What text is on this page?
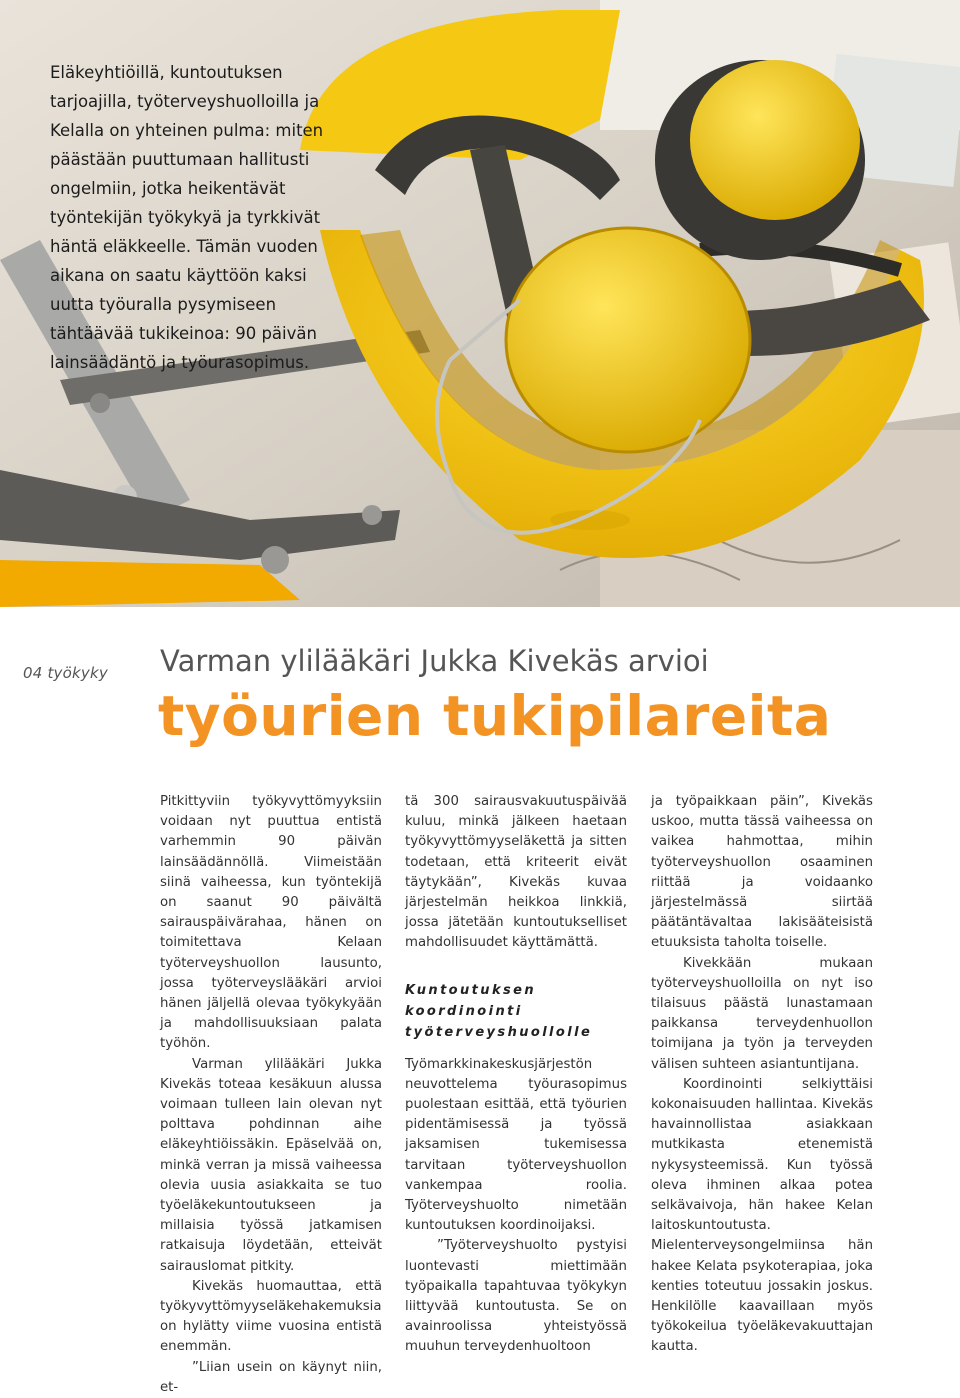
Eläkeyhtiöillä, kuntoutuksen tarjoajilla, työterveyshuolloilla ja Kelalla on yhteinen pulma: miten päästään puuttumaan hallitusti ongelmiin, jotka heikentävät työntekijän työkykyä ja tyrkkivät häntä eläkkeelle. Tämän vuoden aikana on saatu käyttöön kaksi uutta työuralla pysymiseen tähtäävää tukikeinoa: 90 päivän lainsäädäntö ja työurasopimus.

04 työkyky Varman ylilääkäri Jukka Kivekäs arvioi
työurien tukipilareita

Pitkittyviin työkyvyttömyyksiin voidaan nyt puuttua entistä varhemmin 90 päivän lainsäädännöllä. Viimeistään siinä vaiheessa, kun työntekijä on saanut 90 päivältä sairauspäivärahaa, hänen on toimitettava Kelaan työterveyshuollon lausunto, jossa työterveyslääkäri arvioi hänen jäljellä olevaa työkykyään ja mahdollisuuksiaan palata työhön.

Varman ylilääkäri Jukka Kivekäs toteaa kesäkuun alussa voimaan tulleen lain olevan nyt polttava pohdinnan aihe eläkeyhtiöissäkin. Epäselvää on, minkä verran ja missä vaiheessa olevia uusia asiakkaita se tuo työeläkekuntoutukseen ja millaisia työssä jatkamisen ratkaisuja löydetään, etteivät sairauslomat pitkity.

Kivekäs huomauttaa, että työkyvyttömyyseläkehakemuksia on hylätty viime vuosina entistä enemmän.

”Liian usein on käynyt niin, et-

tä 300 sairausvakuutuspäivää kuluu, minkä jälkeen haetaan työkyvyttömyyseläkettä ja sitten todetaan, että kriteerit eivät täytykään”, Kivekäs kuvaa järjestelmän heikkoa linkkiä, jossa jätetään kuntoutukselliset mahdollisuudet käyttämättä.

Kuntoutuksen koordinointi työterveyshuollolle

Työmarkkinakeskusjärjestön neuvottelema työurasopimus puolestaan esittää, että työurien pidentämisessä ja työssä jaksamisen tukemisessa tarvitaan työterveyshuollon vankempaa roolia. Työterveyshuolto nimetään kuntoutuksen koordinoijaksi.

”Työterveyshuolto pystyisi luontevasti miettimään työpaikalla tapahtuvaa työkykyn liittyvää kuntoutusta. Se on avainroolissa yhteistyössä muuhun terveydenhuoltoon

ja työpaikkaan päin”, Kivekäs uskoo, mutta tässä vaiheessa on vaikea hahmottaa, mihin työterveyshuollon osaaminen riittää ja voidaanko järjestelmässä siirtää päätäntävaltaa lakisääteisistä etuuksista taholta toiselle.

Kivekkään mukaan työterveyshuolloilla on nyt iso tilaisuus päästä lunastamaan paikkansa terveydenhuollon toimijana ja työn ja terveyden välisen suhteen asiantuntijana.

Koordinointi selkiyttäisi kokonaisuuden hallintaa. Kivekäs havainnollistaa asiakkaan mutkikasta etenemistä nykysysteemissä. Kun työssä oleva ihminen alkaa potea selkävaivoja, hän hakee Kelan laitoskuntoutusta. Mielenterveysongelmiinsa hän hakee Kelata psykoterapiaa, joka kenties toteutuu jossakin joskus. Henkilölle kaavaillaan myös työkokeilua työeläkevakuuttajan kautta.
